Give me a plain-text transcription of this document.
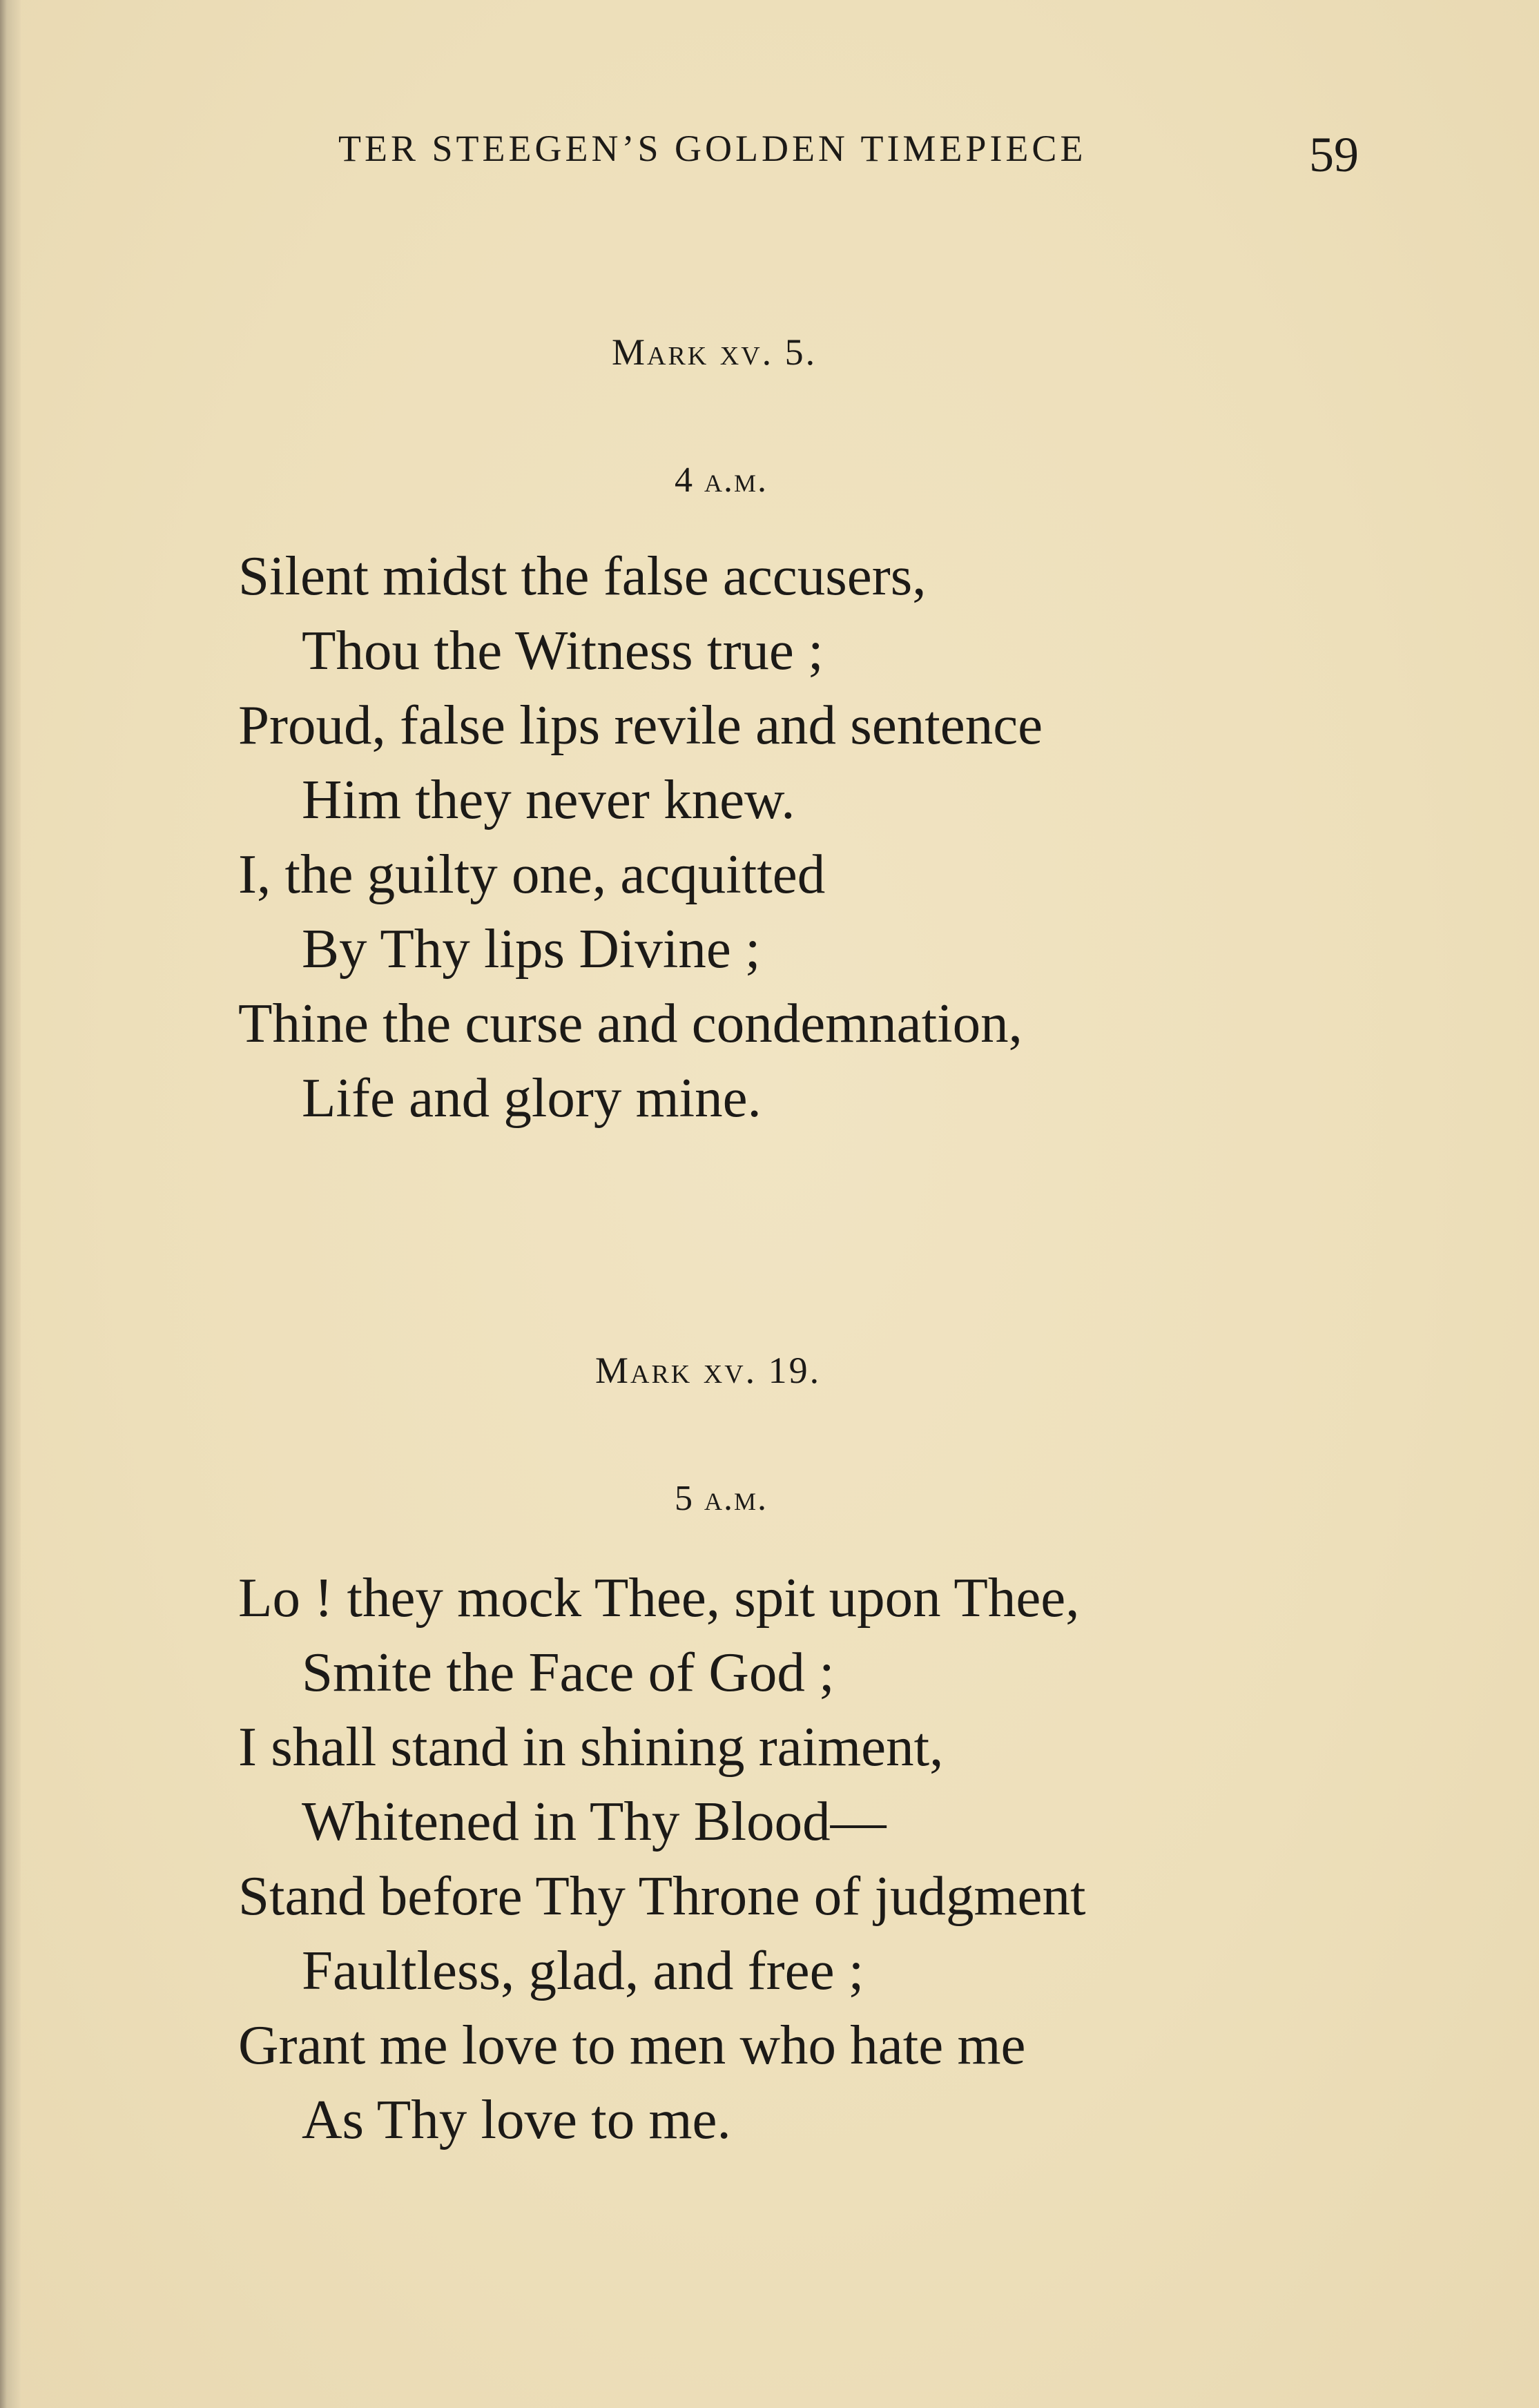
TER STEEGEN’S GOLDEN TIMEPIECE	59
Mark xv. 5.
4 a.m.
Silent midst the false accusers,
Thou the Witness true ;
Proud, false lips revile and sentence
Him they never knew.
I, the guilty one, acquitted
By Thy lips Divine ;
Thine the curse and condemnation,
Life and glory mine.
Mark xv. 19.
5 a.m.
Lo ! they mock Thee, spit upon Thee,
Smite the Face of God ;
I shall stand in shining raiment,
Whitened in Thy Blood—
Stand before Thy Throne of judgment
Faultless, glad, and free ;
Grant me love to men who hate me
As Thy love to me.
